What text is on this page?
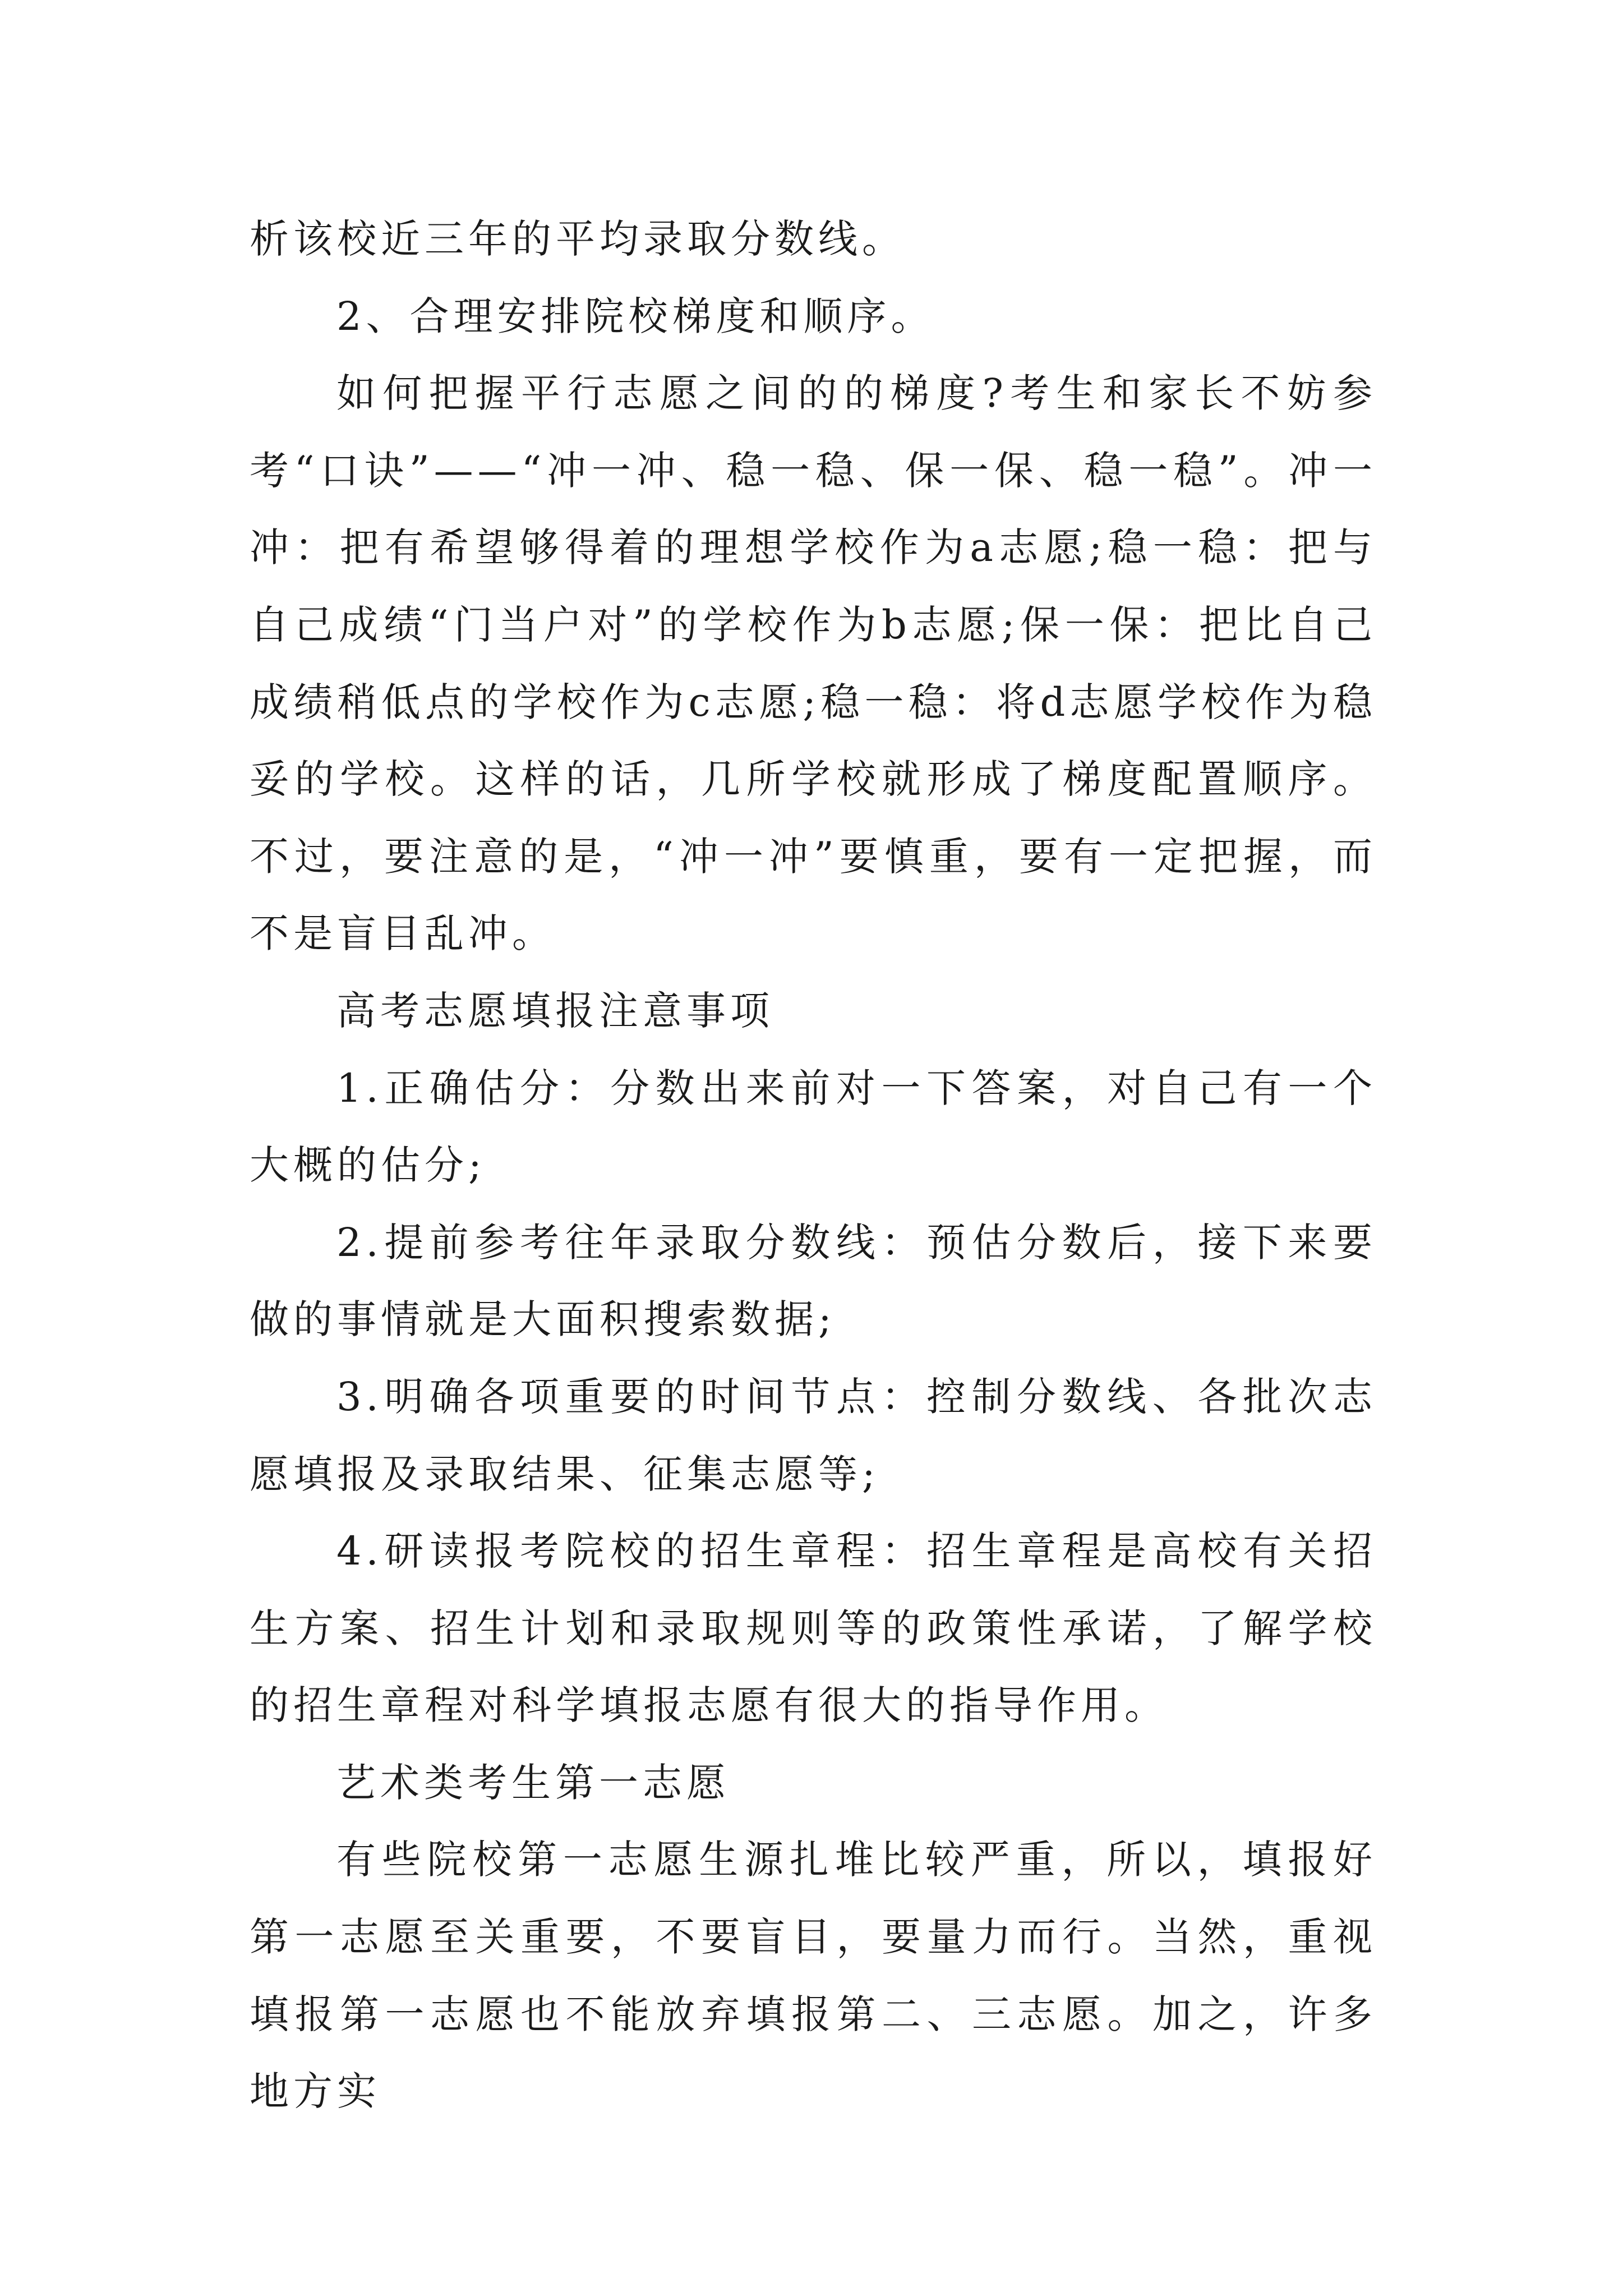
析该校近三年的平均录取分数线。

2、合理安排院校梯度和顺序。

如何把握平行志愿之间的的梯度?考生和家长不妨参考“口诀”——“冲一冲、稳一稳、保一保、稳一稳”。冲一冲：把有希望够得着的理想学校作为a志愿;稳一稳：把与自己成绩“门当户对”的学校作为b志愿;保一保：把比自己成绩稍低点的学校作为c志愿;稳一稳：将d志愿学校作为稳妥的学校。这样的话，几所学校就形成了梯度配置顺序。不过，要注意的是，“冲一冲”要慎重，要有一定把握，而不是盲目乱冲。

高考志愿填报注意事项

1.正确估分：分数出来前对一下答案，对自己有一个大概的估分;

2.提前参考往年录取分数线：预估分数后，接下来要做的事情就是大面积搜索数据;

3.明确各项重要的时间节点：控制分数线、各批次志愿填报及录取结果、征集志愿等;

4.研读报考院校的招生章程：招生章程是高校有关招生方案、招生计划和录取规则等的政策性承诺，了解学校的招生章程对科学填报志愿有很大的指导作用。

艺术类考生第一志愿

有些院校第一志愿生源扎堆比较严重，所以，填报好第一志愿至关重要，不要盲目，要量力而行。当然，重视填报第一志愿也不能放弃填报第二、三志愿。加之，许多地方实
